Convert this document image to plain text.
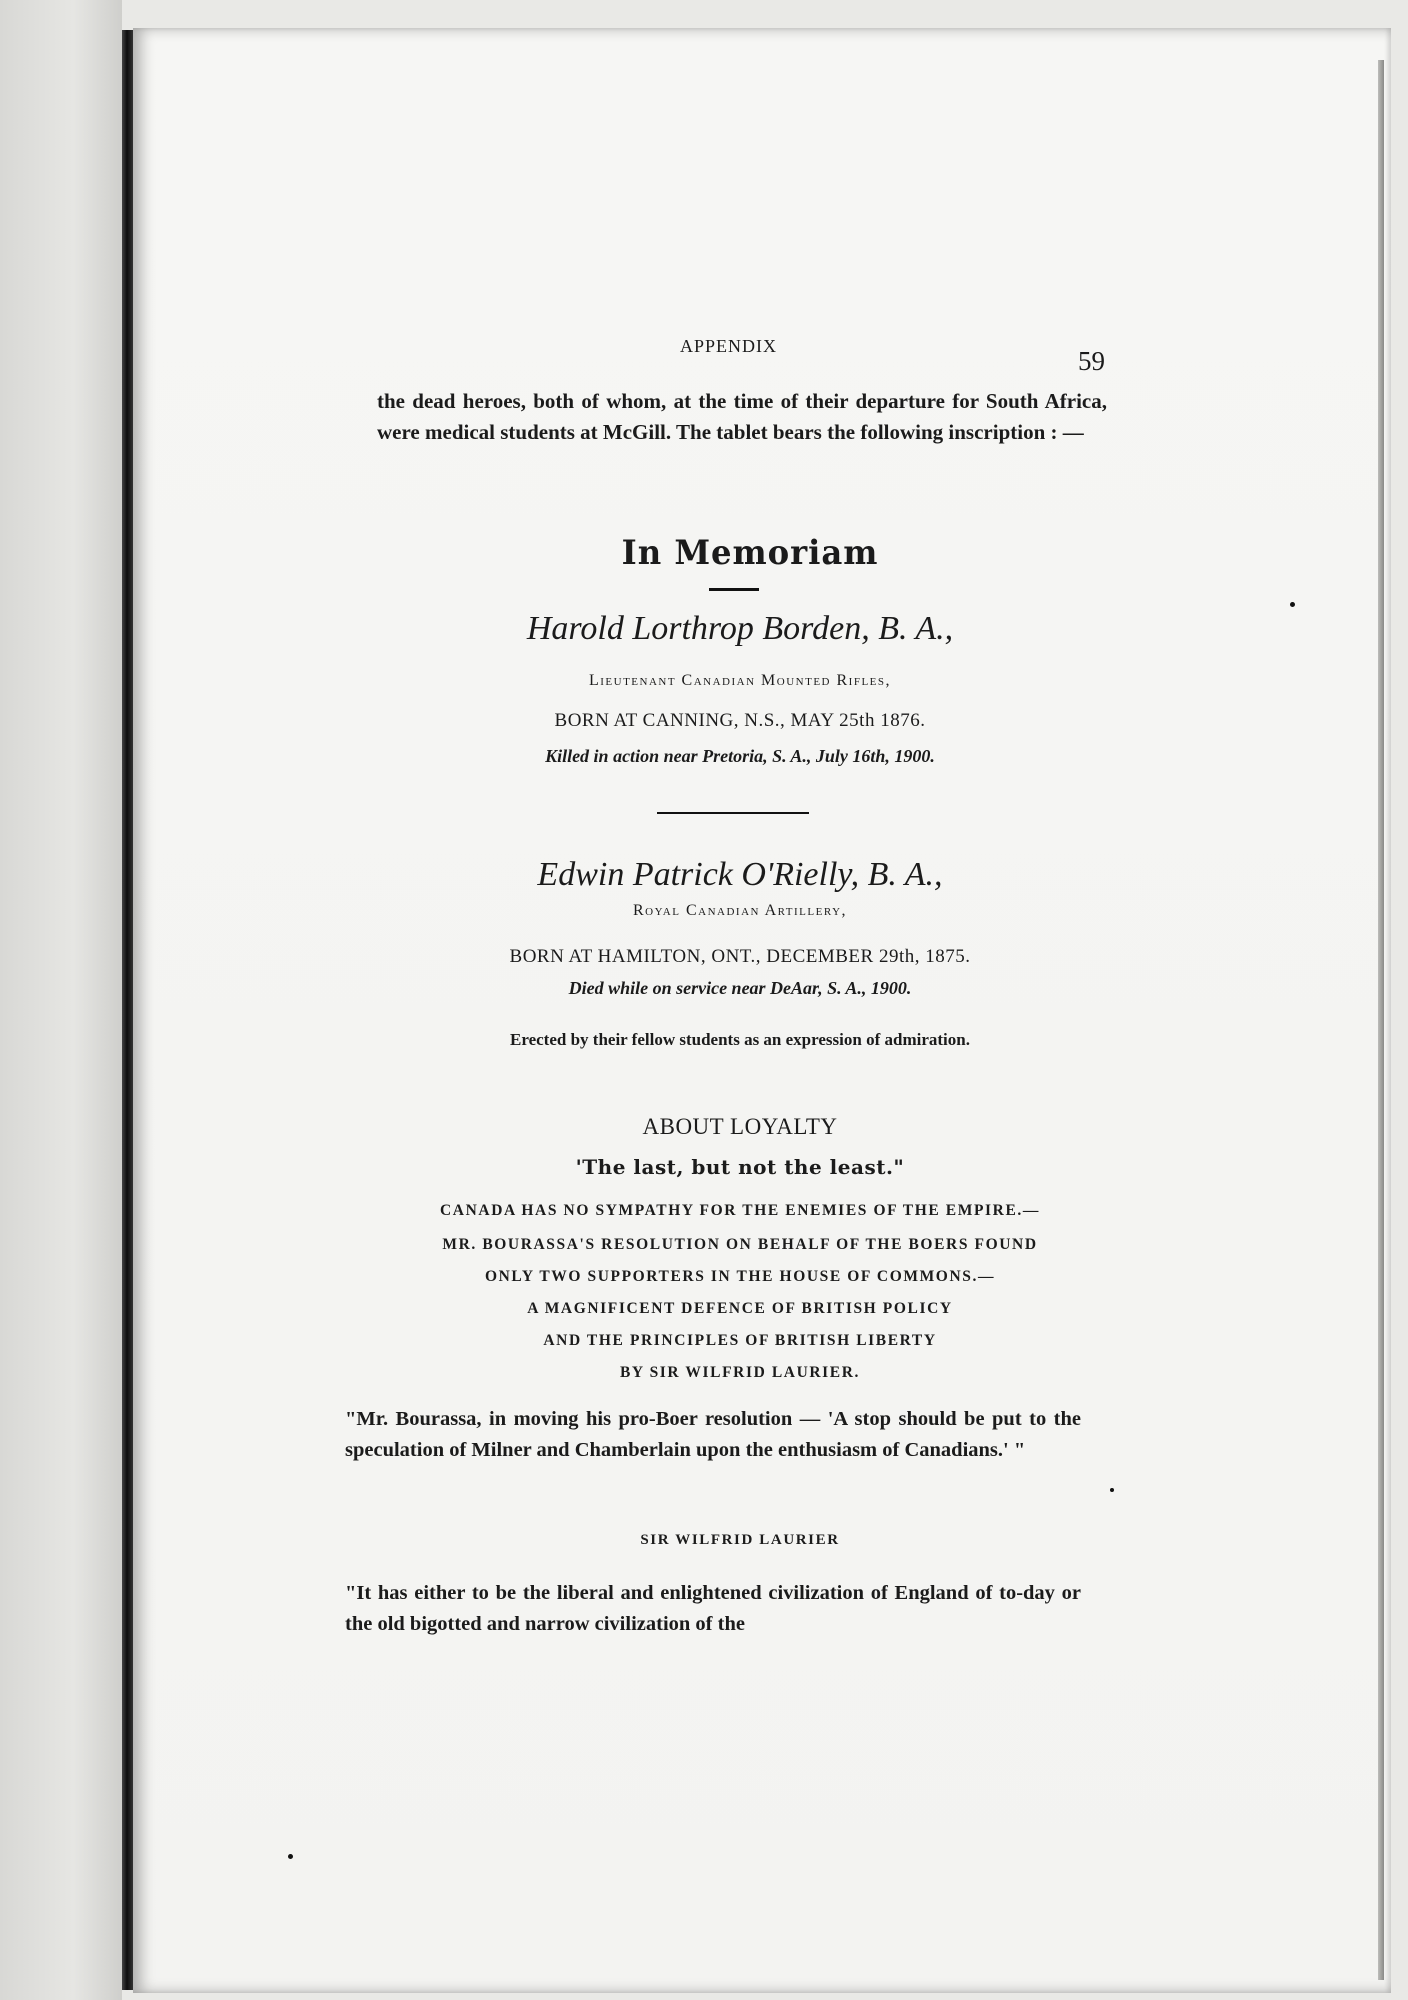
APPENDIX	59
the dead heroes, both of whom, at the time of their departure for South Africa, were medical students at McGill. The tablet bears the following inscription : —
In Memoriam
Harold Lorthrop Borden, B. A.,
Lieutenant Canadian Mounted Rifles,
BORN AT CANNING, N.S., MAY 25th 1876.
Killed in action near Pretoria, S. A., July 16th, 1900.
Edwin Patrick O'Rielly, B. A.,
Royal Canadian Artillery,
BORN AT HAMILTON, ONT., DECEMBER 29th, 1875.
Died while on service near DeAar, S. A., 1900.
Erected by their fellow students as an expression of admiration.
ABOUT LOYALTY
'The last, but not the least."
CANADA HAS NO SYMPATHY FOR THE ENEMIES OF THE EMPIRE.—
MR. BOURASSA'S RESOLUTION ON BEHALF OF THE BOERS FOUND
ONLY TWO SUPPORTERS IN THE HOUSE OF COMMONS.—
A MAGNIFICENT DEFENCE OF BRITISH POLICY
AND THE PRINCIPLES OF BRITISH LIBERTY
BY SIR WILFRID LAURIER.
"Mr. Bourassa, in moving his pro-Boer resolution — 'A stop should be put to the speculation of Milner and Chamberlain upon the enthusiasm of Canadians.' "
SIR WILFRID LAURIER
"It has either to be the liberal and enlightened civilization of England of to-day or the old bigotted and narrow civilization of the
